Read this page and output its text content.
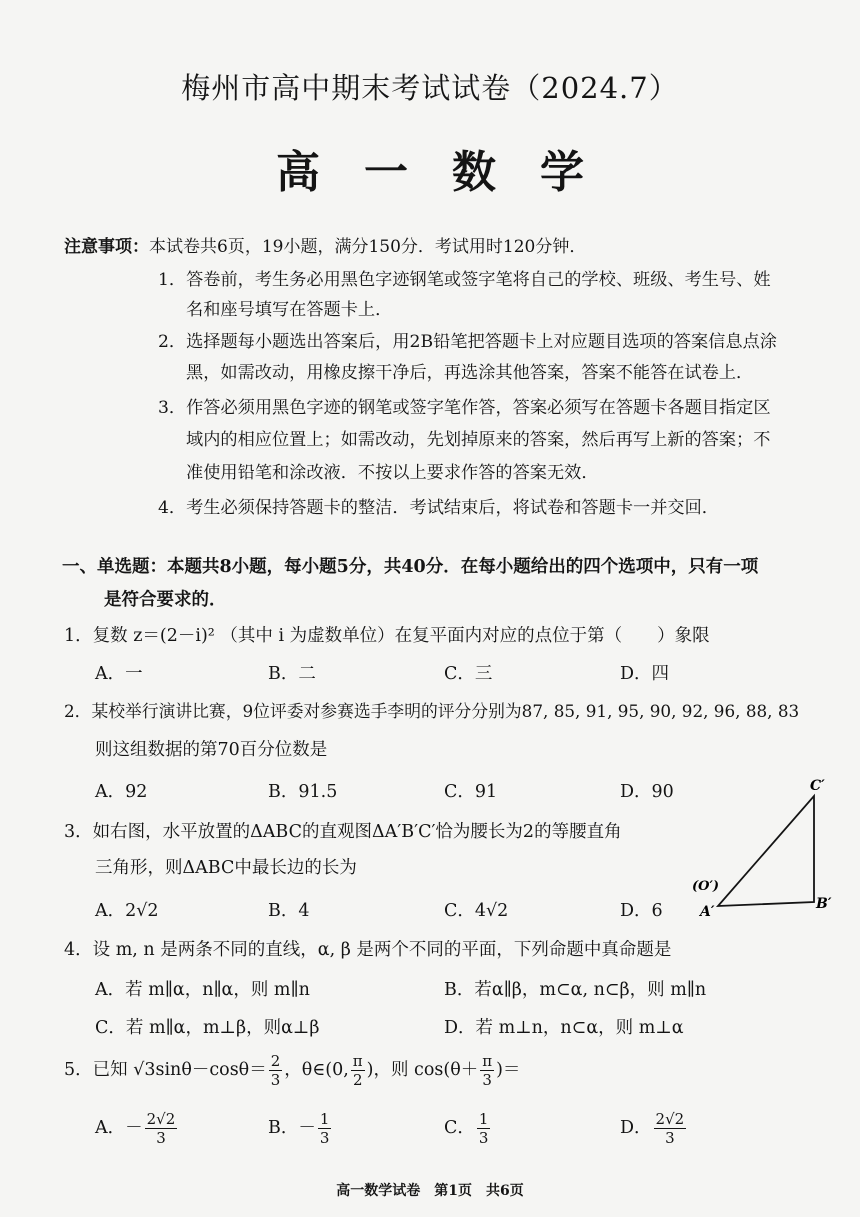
梅州市高中期末考试试卷（2024.7）
高一数学
注意事项：本试卷共6页，19小题，满分150分．考试用时120分钟．
1．答卷前，考生务必用黑色字迹钢笔或签字笔将自己的学校、班级、考生号、姓
名和座号填写在答题卡上．
2．选择题每小题选出答案后，用2B铅笔把答题卡上对应题目选项的答案信息点涂
黑，如需改动，用橡皮擦干净后，再选涂其他答案，答案不能答在试卷上．
3．作答必须用黑色字迹的钢笔或签字笔作答，答案必须写在答题卡各题目指定区
域内的相应位置上；如需改动，先划掉原来的答案，然后再写上新的答案；不
准使用铅笔和涂改液．不按以上要求作答的答案无效．
4．考生必须保持答题卡的整洁．考试结束后，将试卷和答题卡一并交回．
一、单选题：本题共8小题，每小题5分，共40分．在每小题给出的四个选项中，只有一项
是符合要求的．
1．复数 z＝(2－i)² （其中 i 为虚数单位）在复平面内对应的点位于第（　　）象限
A．一	B．二	C．三	D．四
2．某校举行演讲比赛，9位评委对参赛选手李明的评分分别为87, 85, 91, 95, 90, 92, 96, 88, 83
则这组数据的第70百分位数是
A．92	B．91.5	C．91	D．90
3．如右图，水平放置的ΔABC的直观图ΔA′B′C′恰为腰长为2的等腰直角
三角形，则ΔABC中最长边的长为
A．2√2	B．4	C．4√2	D．6
C′
(O′)
A′	B′
4．设 m, n 是两条不同的直线，α, β 是两个不同的平面，下列命题中真命题是
A．若 m∥α，n∥α，则 m∥n	B．若α∥β，m⊂α, n⊂β，则 m∥n
C．若 m∥α，m⊥β，则α⊥β	D．若 m⊥n，n⊂α，则 m⊥α
5．已知 $√3\sin\theta-\cos\theta= \frac{2}{3}$ ，θ∈(0, $\frac{\pi}{2}$ )，则 $\cos(\theta+ \frac{\pi}{3}$ )＝
A．－ $\frac{2√2}{3}$	B．－ $\frac{1}{3}$	C． $\frac{1}{3}$	D． $\frac{2√2}{3}$
高一数学试卷　第1页　共6页
